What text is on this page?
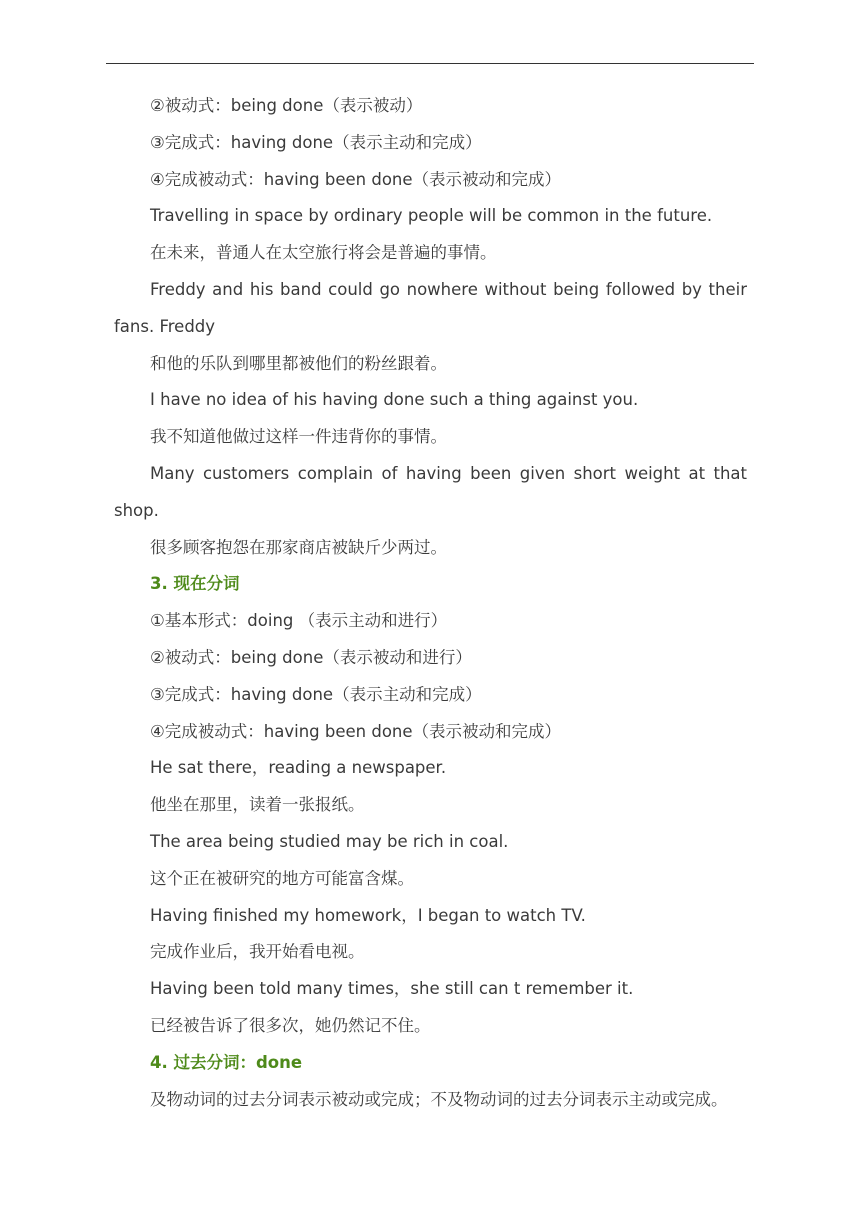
②被动式：being done（表示被动）
③完成式：having done（表示主动和完成）
④完成被动式：having been done（表示被动和完成）
Travelling in space by ordinary people will be common in the future.
在未来，普通人在太空旅行将会是普遍的事情。
Freddy and his band could go nowhere without being followed by their
fans. Freddy
和他的乐队到哪里都被他们的粉丝跟着。
I have no idea of his having done such a thing against you.
我不知道他做过这样一件违背你的事情。
Many customers complain of having been given short weight at that
shop.
很多顾客抱怨在那家商店被缺斤少两过。
3. 现在分词
①基本形式：doing （表示主动和进行）
②被动式：being done（表示被动和进行）
③完成式：having done（表示主动和完成）
④完成被动式：having been done（表示被动和完成）
He sat there，reading a newspaper.
他坐在那里，读着一张报纸。
The area being studied may be rich in coal.
这个正在被研究的地方可能富含煤。
Having finished my homework，I began to watch TV.
完成作业后，我开始看电视。
Having been told many times，she still can t remember it.
已经被告诉了很多次，她仍然记不住。
4. 过去分词：done
及物动词的过去分词表示被动或完成；不及物动词的过去分词表示主动或完成。
